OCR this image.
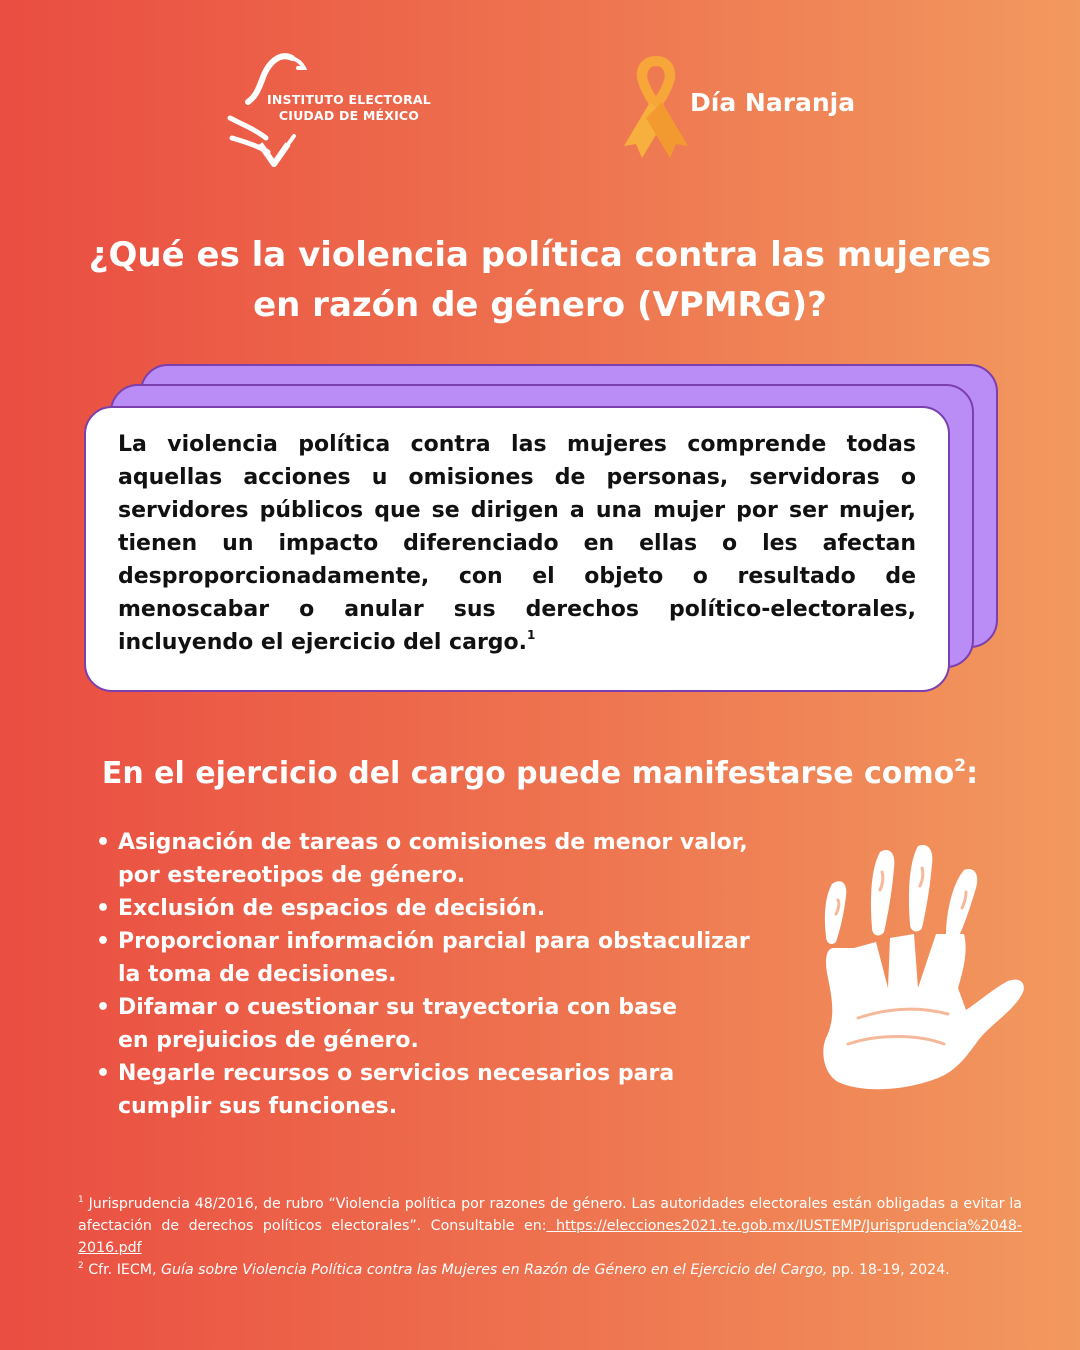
INSTITUTO ELECTORAL
CIUDAD DE MÉXICO	Día Naranja
¿Qué es la violencia política contra las mujeres
en razón de género (VPMRG)?

La violencia política contra las mujeres comprende todas aquellas acciones u omisiones de personas, servidoras o servidores públicos que se dirigen a una mujer por ser mujer, tienen un impacto diferenciado en ellas o les afectan desproporcionadamente, con el objeto o resultado de menoscabar o anular sus derechos político-electorales, incluyendo el ejercicio del cargo.$^1$

En el ejercicio del cargo puede manifestarse como$^2$:
• Asignación de tareas o comisiones de menor valor,
por estereotipos de género.
• Exclusión de espacios de decisión.
• Proporcionar información parcial para obstaculizar
la toma de decisiones.
• Difamar o cuestionar su trayectoria con base
en prejuicios de género.
• Negarle recursos o servicios necesarios para
cumplir sus funciones.

$^1$ Jurisprudencia 48/2016, de rubro “Violencia política por razones de género. Las autoridades electorales están obligadas a evitar la afectación de derechos políticos electorales”. Consultable en: https://elecciones2021.te.gob.mx/IUSTEMP/Jurisprudencia%2048-2016.pdf

$^2$ Cfr. IECM, Guía sobre Violencia Política contra las Mujeres en Razón de Género en el Ejercicio del Cargo, pp. 18-19, 2024.
